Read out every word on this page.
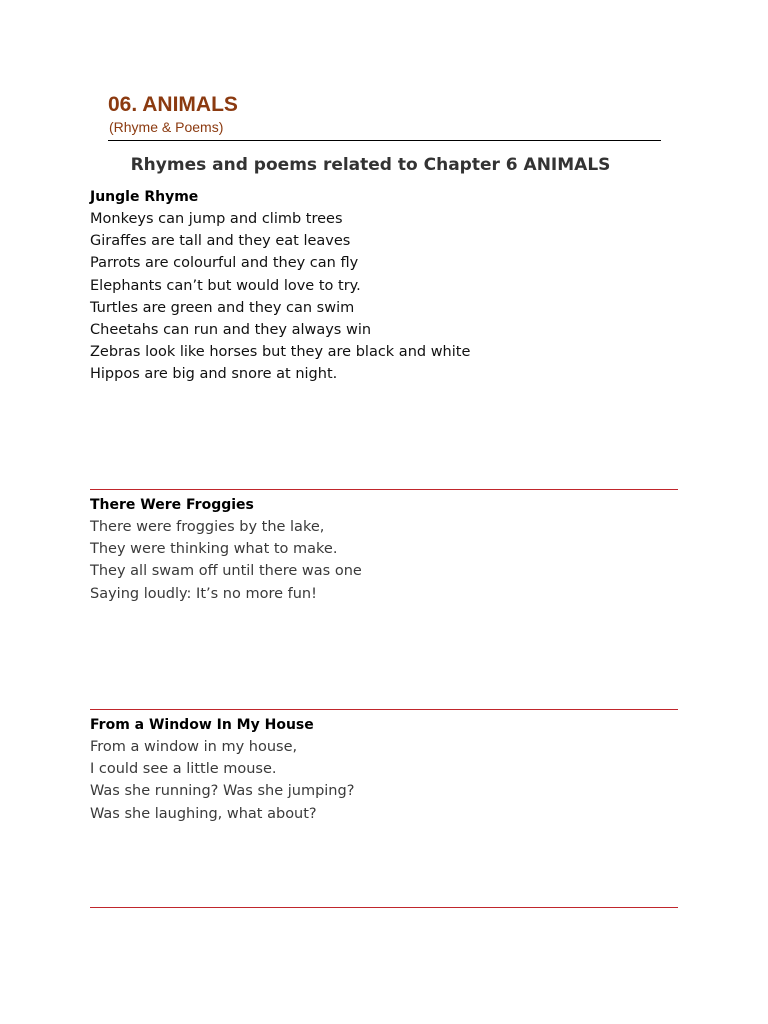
06. ANIMALS
(Rhyme & Poems)
Rhymes and poems related to Chapter 6 ANIMALS
Jungle Rhyme
Monkeys can jump and climb trees
Giraffes are tall and they eat leaves
Parrots are colourful and they can fly
Elephants can’t but would love to try.
Turtles are green and they can swim
Cheetahs can run and they always win
Zebras look like horses but they are black and white
Hippos are big and snore at night.
There Were Froggies
There were froggies by the lake,
They were thinking what to make.
They all swam off until there was one
Saying loudly: It’s no more fun!
From a Window In My House
From a window in my house,
I could see a little mouse.
Was she running? Was she jumping?
Was she laughing, what about?
